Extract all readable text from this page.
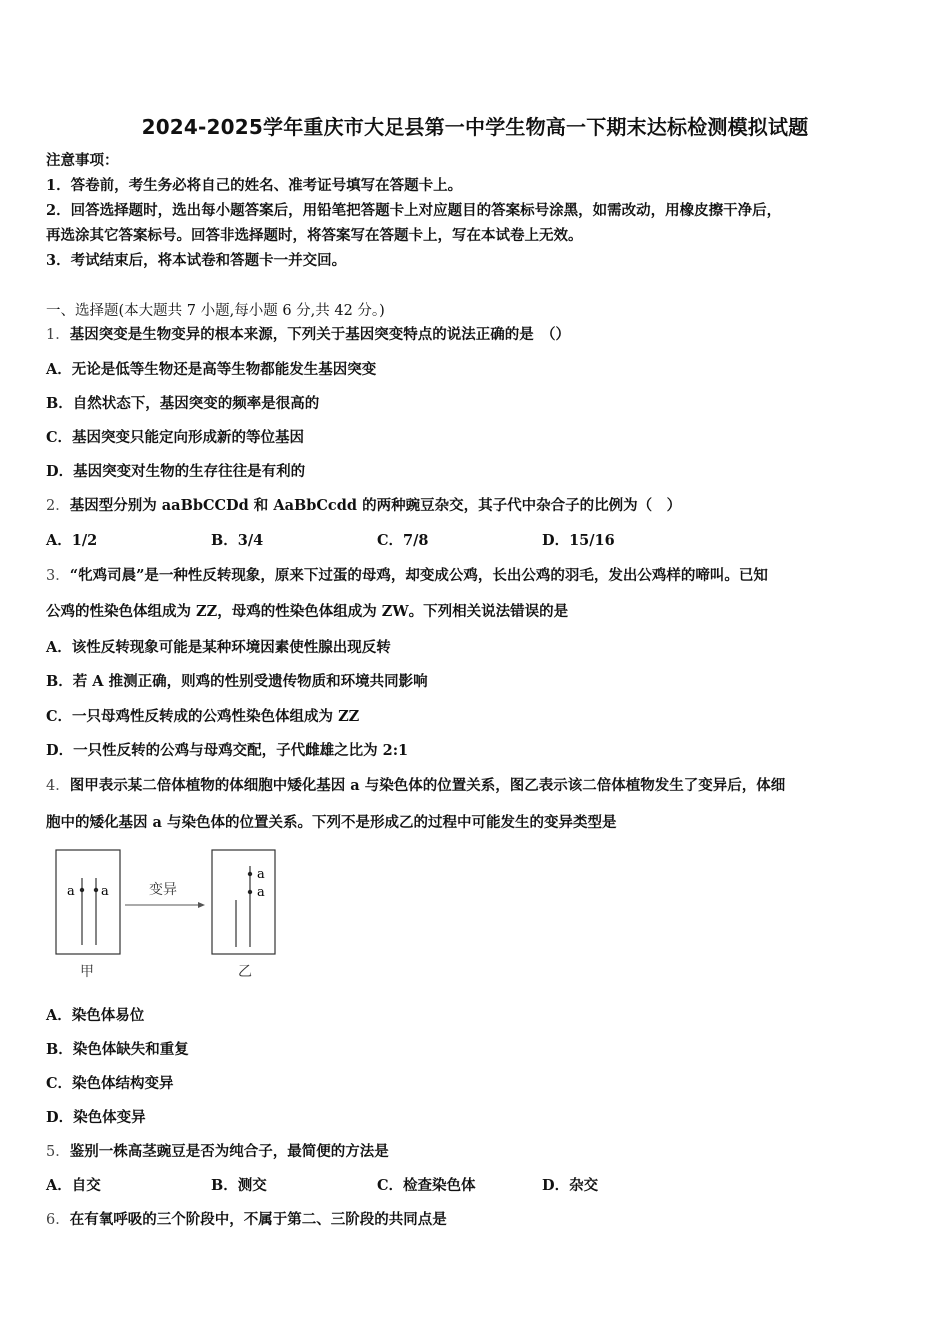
2024-2025学年重庆市大足县第一中学生物高一下期末达标检测模拟试题
注意事项：
1．答卷前，考生务必将自己的姓名、准考证号填写在答题卡上。
2．回答选择题时，选出每小题答案后，用铅笔把答题卡上对应题目的答案标号涂黑，如需改动，用橡皮擦干净后，
再选涂其它答案标号。回答非选择题时，将答案写在答题卡上，写在本试卷上无效。
3．考试结束后，将本试卷和答题卡一并交回。
一、选择题(本大题共 7 小题,每小题 6 分,共 42 分。)
1．基因突变是生物变异的根本来源，下列关于基因突变特点的说法正确的是　（）
A．无论是低等生物还是高等生物都能发生基因突变
B．自然状态下，基因突变的频率是很高的
C．基因突变只能定向形成新的等位基因
D．基因突变对生物的生存往往是有利的
2．基因型分别为 aaBbCCDd 和 AaBbCcdd 的两种豌豆杂交，其子代中杂合子的比例为（　）
A．1/2	B．3/4	C．7/8	D．15/16
3．“牝鸡司晨”是一种性反转现象，原来下过蛋的母鸡，却变成公鸡，长出公鸡的羽毛，发出公鸡样的啼叫。已知
公鸡的性染色体组成为 ZZ，母鸡的性染色体组成为 ZW。下列相关说法错误的是
A．该性反转现象可能是某种环境因素使性腺出现反转
B．若 A 推测正确，则鸡的性别受遗传物质和环境共同影响
C．一只母鸡性反转成的公鸡性染色体组成为 ZZ
D．一只性反转的公鸡与母鸡交配，子代雌雄之比为 2:1
4．图甲表示某二倍体植物的体细胞中矮化基因 a 与染色体的位置关系，图乙表示该二倍体植物发生了变异后，体细
胞中的矮化基因 a 与染色体的位置关系。下列不是形成乙的过程中可能发生的变异类型是
a a	变异
a
a
甲	乙
A．染色体易位
B．染色体缺失和重复
C．染色体结构变异
D．染色体变异
5．鉴别一株高茎豌豆是否为纯合子，最简便的方法是
A．自交	B．测交	C．检查染色体	D．杂交
6．在有氧呼吸的三个阶段中，不属于第二、三阶段的共同点是
